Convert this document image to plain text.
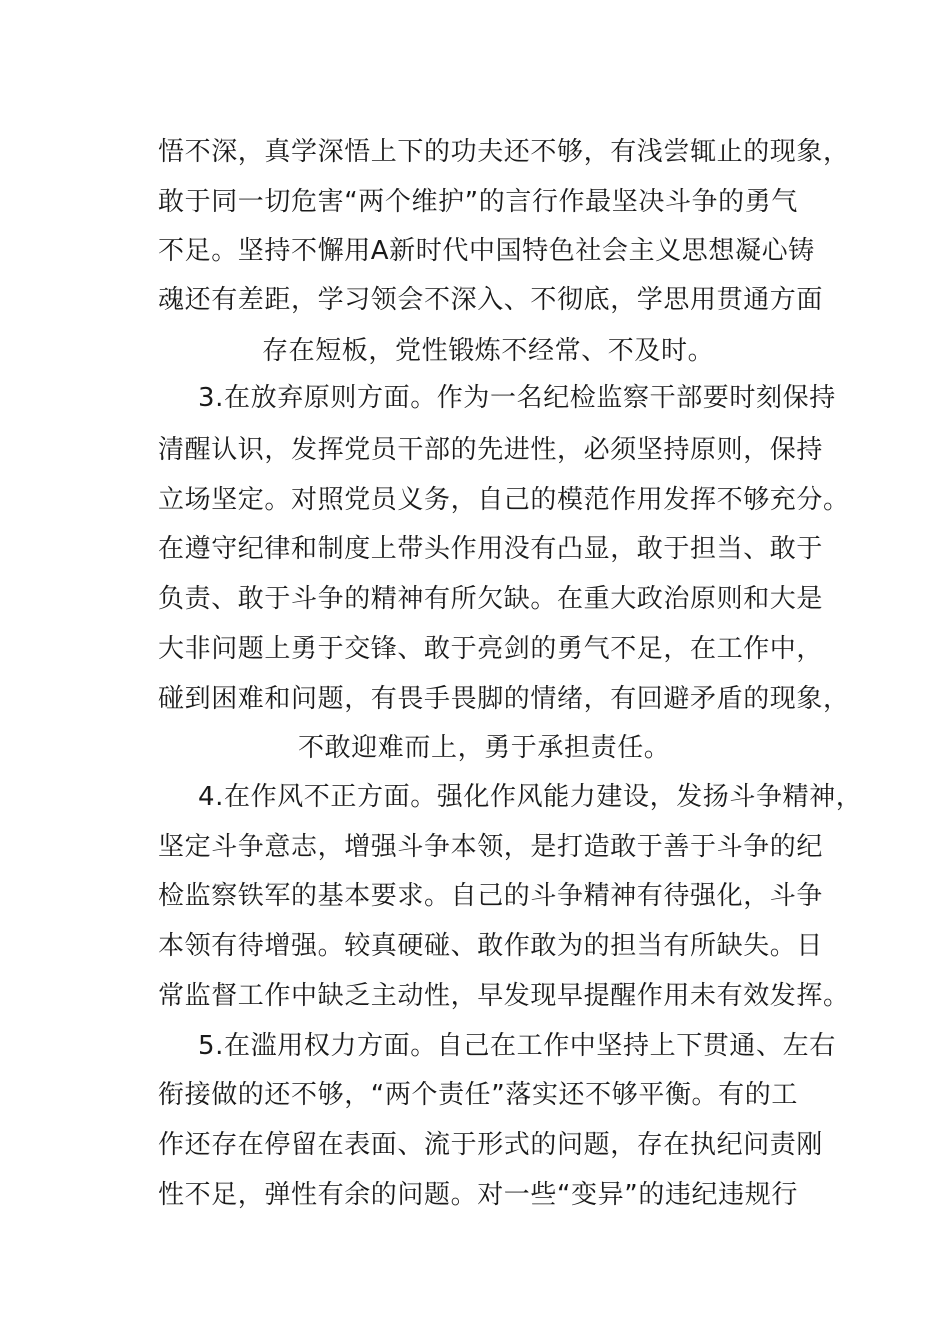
悟不深，真学深悟上下的功夫还不够，有浅尝辄止的现象，
敢于同一切危害“两个维护”的言行作最坚决斗争的勇气
不足。坚持不懈用A新时代中国特色社会主义思想凝心铸
魂还有差距，学习领会不深入、不彻底，学思用贯通方面
存在短板，党性锻炼不经常、不及时。
3.在放弃原则方面。作为一名纪检监察干部要时刻保持
清醒认识，发挥党员干部的先进性，必须坚持原则，保持
立场坚定。对照党员义务，自己的模范作用发挥不够充分。
在遵守纪律和制度上带头作用没有凸显，敢于担当、敢于
负责、敢于斗争的精神有所欠缺。在重大政治原则和大是
大非问题上勇于交锋、敢于亮剑的勇气不足，在工作中，
碰到困难和问题，有畏手畏脚的情绪，有回避矛盾的现象，
不敢迎难而上，勇于承担责任。
4.在作风不正方面。强化作风能力建设，发扬斗争精神，
坚定斗争意志，增强斗争本领，是打造敢于善于斗争的纪
检监察铁军的基本要求。自己的斗争精神有待强化，斗争
本领有待增强。较真硬碰、敢作敢为的担当有所缺失。日
常监督工作中缺乏主动性，早发现早提醒作用未有效发挥。
5.在滥用权力方面。自己在工作中坚持上下贯通、左右
衔接做的还不够，“两个责任”落实还不够平衡。有的工
作还存在停留在表面、流于形式的问题，存在执纪问责刚
性不足，弹性有余的问题。对一些“变异”的违纪违规行
